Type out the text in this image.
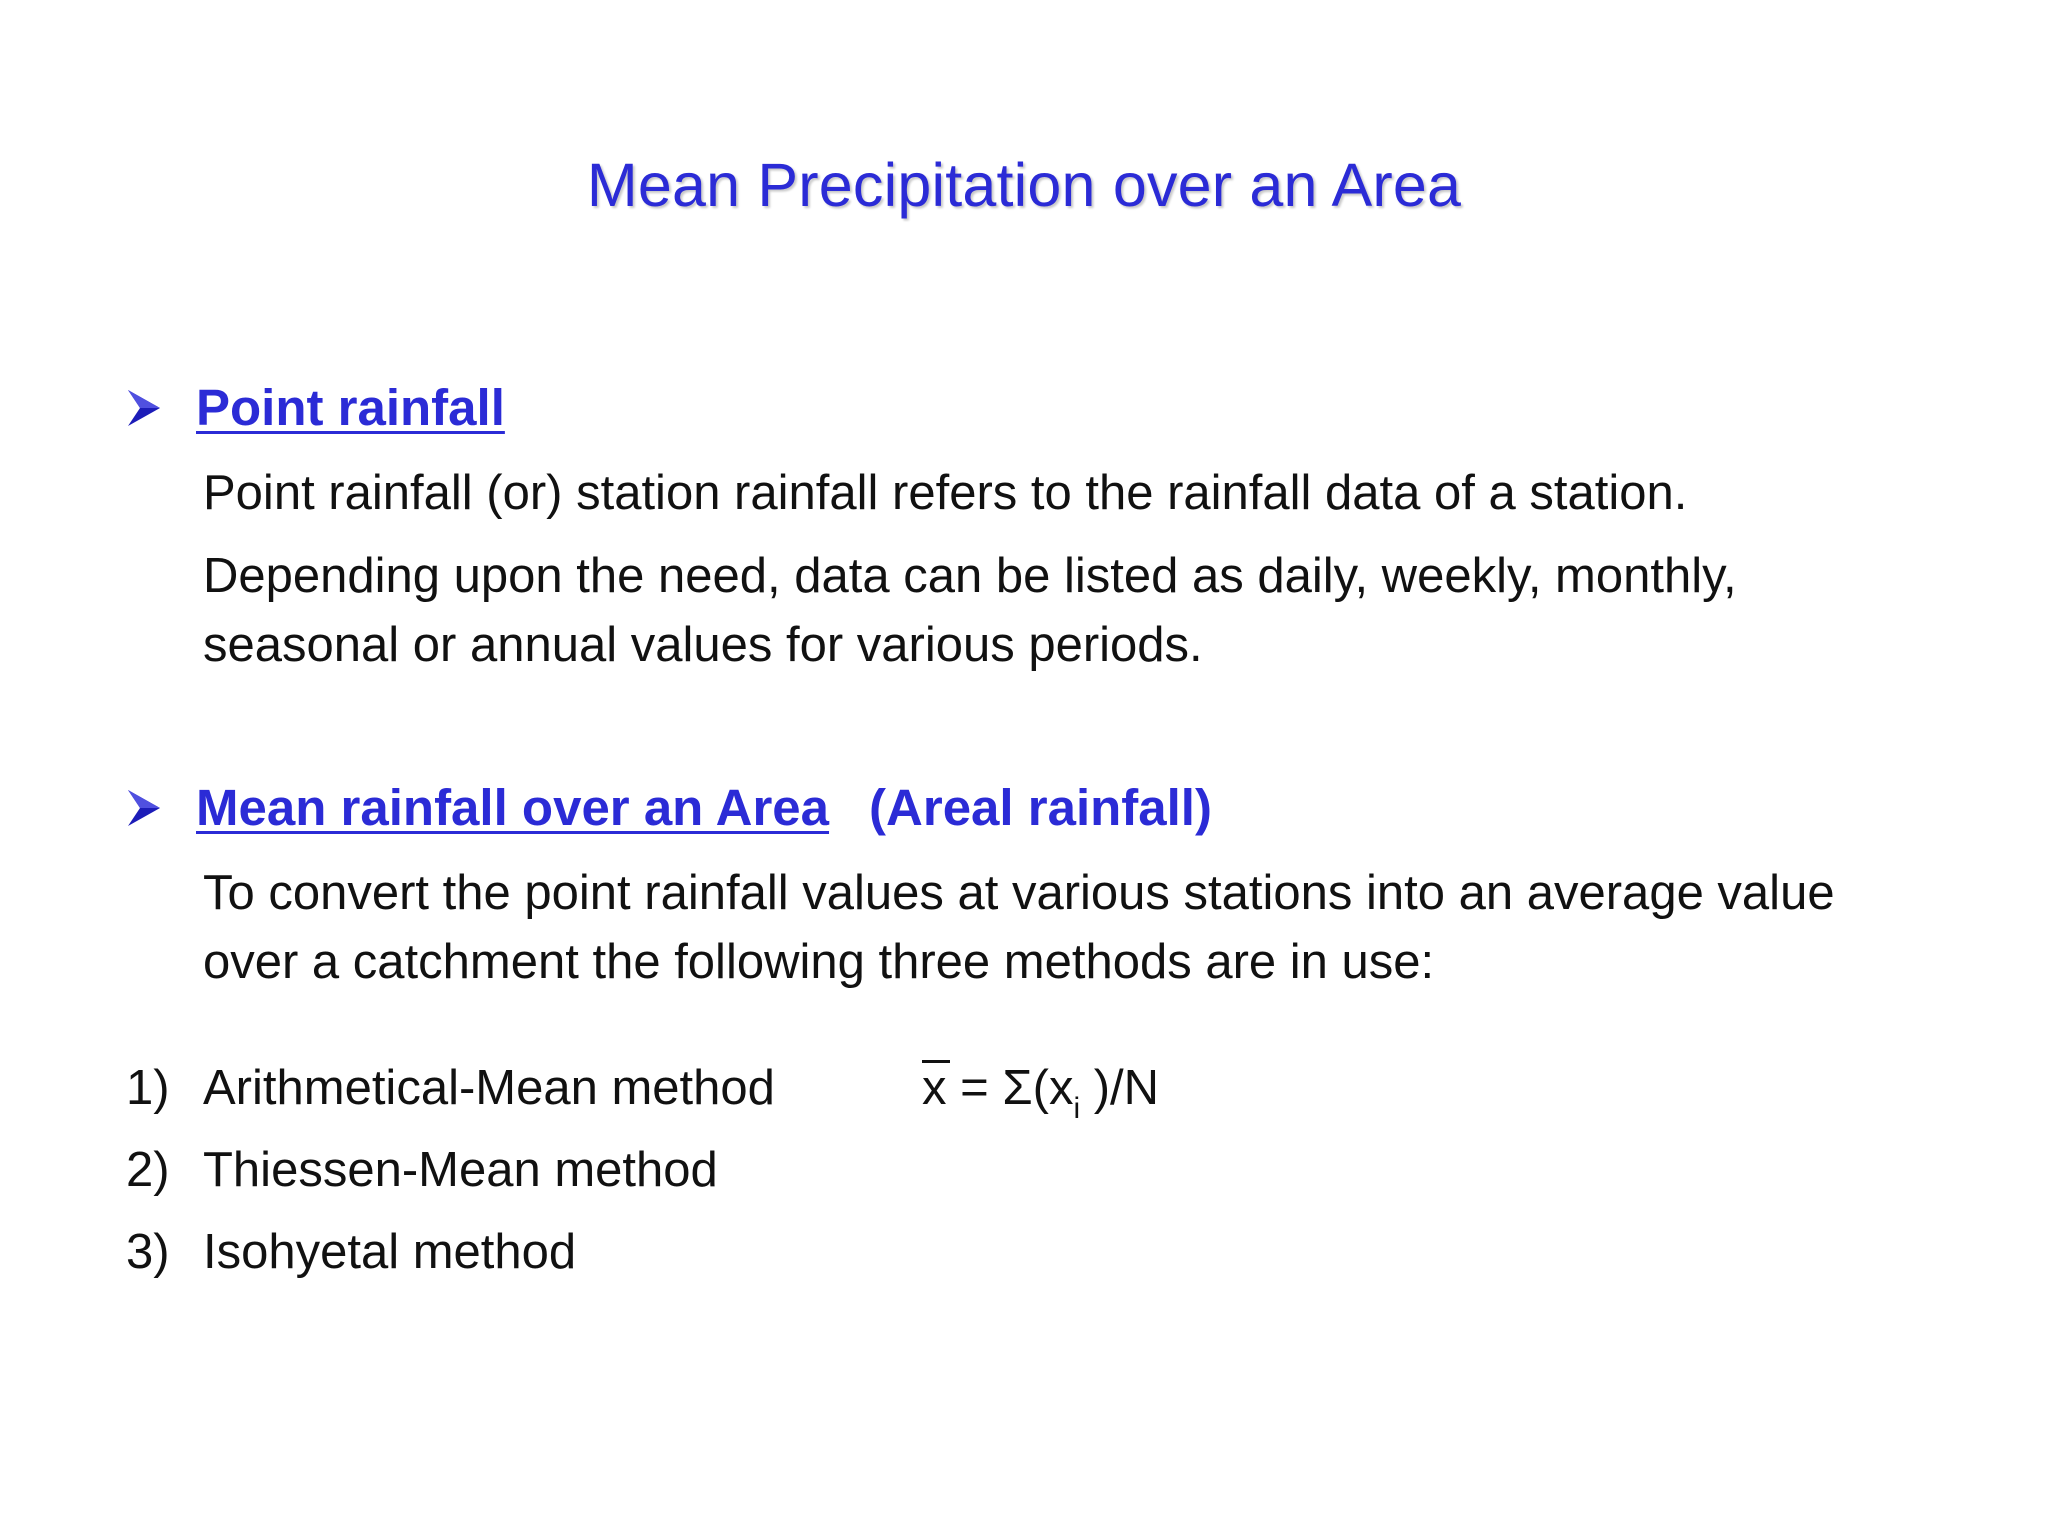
Mean Precipitation over an Area
Point rainfall
Point rainfall (or) station rainfall refers to the rainfall data of a station.
Depending upon the need, data can be listed as daily, weekly, monthly, seasonal or annual values for various periods.
Mean rainfall over an Area (Areal rainfall)
To convert the point rainfall values at various stations into an average value over a catchment the following three methods are in use:
1) Arithmetical-Mean method
2) Thiessen-Mean method
3) Isohyetal method
$x = \Sigma(x_i$ )/N
